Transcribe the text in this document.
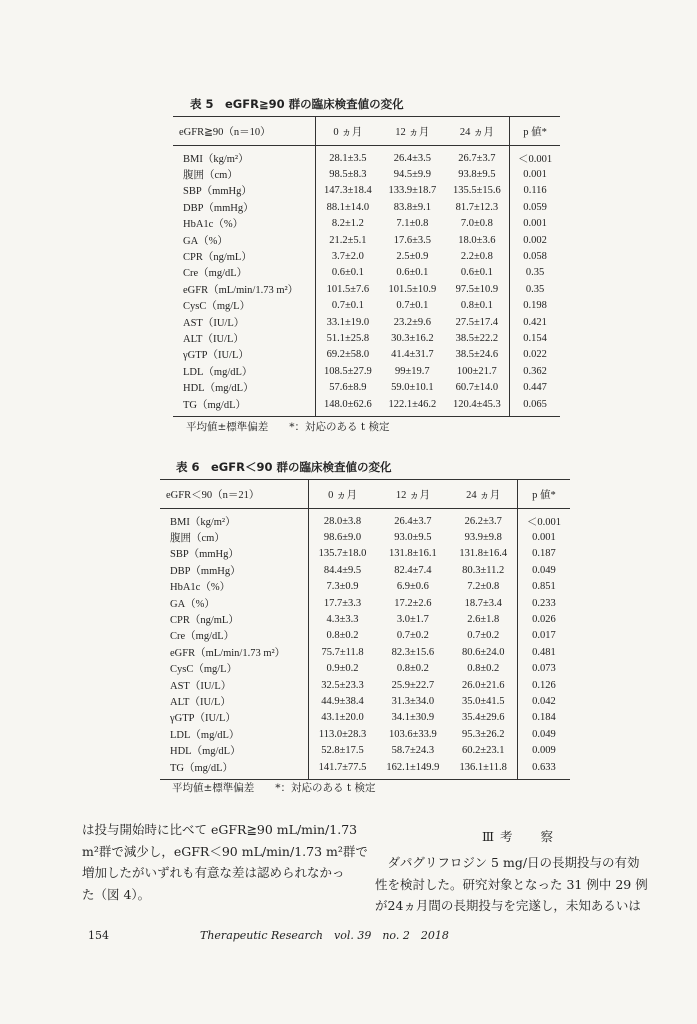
表 5　eGFR≧90 群の臨床検査値の変化
eGFR≧90（n＝10）	0 ヵ月	12 ヵ月	24 ヵ月	p 値*
BMI（kg/m²）	28.1±3.5	26.4±3.5	26.7±3.7	＜0.001
腹囲（cm）	98.5±8.3	94.5±9.9	93.8±9.5	0.001
SBP（mmHg）	147.3±18.4	133.9±18.7	135.5±15.6	0.116
DBP（mmHg）	88.1±14.0	83.8±9.1	81.7±12.3	0.059
HbA1c（%）	8.2±1.2	7.1±0.8	7.0±0.8	0.001
GA（%）	21.2±5.1	17.6±3.5	18.0±3.6	0.002
CPR（ng/mL）	3.7±2.0	2.5±0.9	2.2±0.8	0.058
Cre（mg/dL）	0.6±0.1	0.6±0.1	0.6±0.1	0.35
eGFR（mL/min/1.73 m²）	101.5±7.6	101.5±10.9	97.5±10.9	0.35
CysC（mg/L）	0.7±0.1	0.7±0.1	0.8±0.1	0.198
AST（IU/L）	33.1±19.0	23.2±9.6	27.5±17.4	0.421
ALT（IU/L）	51.1±25.8	30.3±16.2	38.5±22.2	0.154
γGTP（IU/L）	69.2±58.0	41.4±31.7	38.5±24.6	0.022
LDL（mg/dL）	108.5±27.9	99±19.7	100±21.7	0.362
HDL（mg/dL）	57.6±8.9	59.0±10.1	60.7±14.0	0.447
TG（mg/dL）	148.0±62.6	122.1±46.2	120.4±45.3	0.065
平均値±標準偏差　　*：対応のある t 検定
表 6　eGFR＜90 群の臨床検査値の変化
eGFR＜90（n＝21）	0 ヵ月	12 ヵ月	24 ヵ月	p 値*
BMI（kg/m²）	28.0±3.8	26.4±3.7	26.2±3.7	＜0.001
腹囲（cm）	98.6±9.0	93.0±9.5	93.9±9.8	0.001
SBP（mmHg）	135.7±18.0	131.8±16.1	131.8±16.4	0.187
DBP（mmHg）	84.4±9.5	82.4±7.4	80.3±11.2	0.049
HbA1c（%）	7.3±0.9	6.9±0.6	7.2±0.8	0.851
GA（%）	17.7±3.3	17.2±2.6	18.7±3.4	0.233
CPR（ng/mL）	4.3±3.3	3.0±1.7	2.6±1.8	0.026
Cre（mg/dL）	0.8±0.2	0.7±0.2	0.7±0.2	0.017
eGFR（mL/min/1.73 m²）	75.7±11.8	82.3±15.6	80.6±24.0	0.481
CysC（mg/L）	0.9±0.2	0.8±0.2	0.8±0.2	0.073
AST（IU/L）	32.5±23.3	25.9±22.7	26.0±21.6	0.126
ALT（IU/L）	44.9±38.4	31.3±34.0	35.0±41.5	0.042
γGTP（IU/L）	43.1±20.0	34.1±30.9	35.4±29.6	0.184
LDL（mg/dL）	113.0±28.3	103.6±33.9	95.3±26.2	0.049
HDL（mg/dL）	52.8±17.5	58.7±24.3	60.2±23.1	0.009
TG（mg/dL）	141.7±77.5	162.1±149.9	136.1±11.8	0.633
平均値±標準偏差　　*：対応のある t 検定

は投与開始時に比べて eGFR≧90 mL/min/1.73

m²群で減少し，eGFR＜90 mL/min/1.73 m²群で

増加したがいずれも有意な差は認められなかっ

た（図 4）。

Ⅲ 考　　察

ダパグリフロジン 5 mg/日の長期投与の有効

性を検討した。研究対象となった 31 例中 29 例

が24ヵ月間の長期投与を完遂し，未知あるいは

154	Therapeutic Research　vol. 39　no. 2　2018
